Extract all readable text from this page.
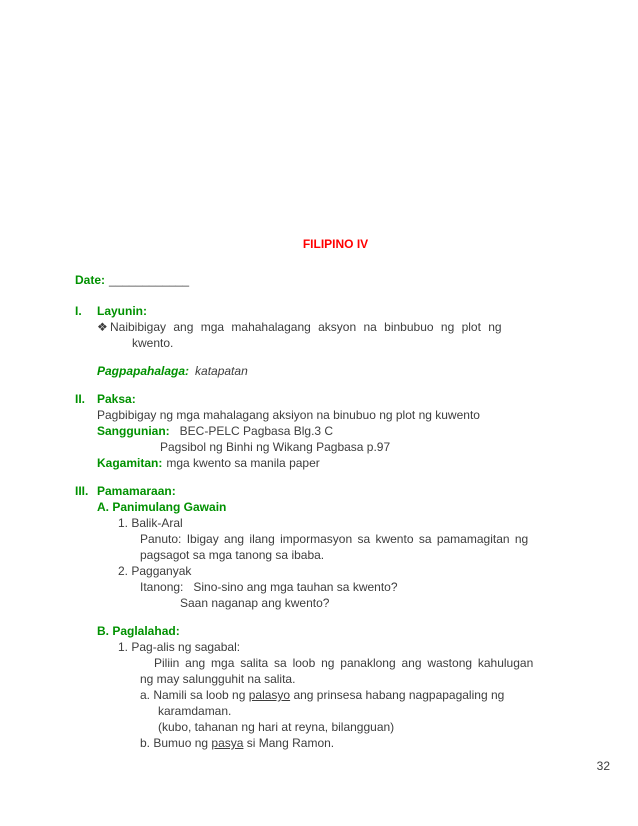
FILIPINO IV
Date: ____________
I.	Layunin:
❖ Naibibigay ang mga mahahalagang aksyon na binbubuo ng plot ng
kwento.
Pagpapahalaga: katapatan
II. Paksa:
Pagbibigay ng mga mahalagang aksiyon na binubuo ng plot ng kuwento
Sanggunian: BEC-PELC Pagbasa Blg.3 C
Pagsibol ng Binhi ng Wikang Pagbasa p.97
Kagamitan: mga kwento sa manila paper
III. Pamamaraan:
A. Panimulang Gawain
1. Balik-Aral
Panuto: Ibigay ang ilang impormasyon sa kwento sa pamamagitan ng
pagsagot sa mga tanong sa ibaba.
2. Pagganyak
Itanong:   Sino-sino ang mga tauhan sa kwento?
Saan naganap ang kwento?
B. Paglalahad:
1. Pag-alis ng sagabal:
Piliin ang mga salita sa loob ng panaklong ang wastong kahulugan
ng may salungguhit na salita.
a. Namili sa loob ng palasyo ang prinsesa habang nagpapagaling ng
karamdaman.
(kubo, tahanan ng hari at reyna, bilangguan)
b. Bumuo ng pasya si Mang Ramon.
32
